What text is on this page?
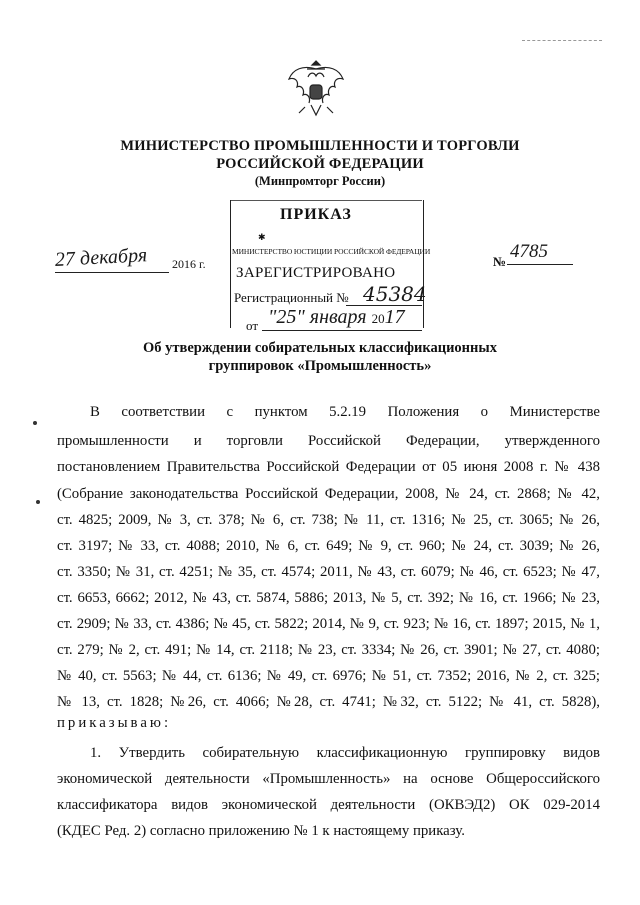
МИНИСТЕРСТВО ПРОМЫШЛЕННОСТИ И ТОРГОВЛИ
РОССИЙСКОЙ ФЕДЕРАЦИИ
(Минпромторг России)
ПРИКАЗ
✱
МИНИСТЕРСТВО ЮСТИЦИИ РОССИЙСКОЙ ФЕДЕРАЦИИ
ЗАРЕГИСТРИРОВАНО
Регистрационный № 45384
от "25" января 2017
27 декабря 2016 г.	№ 4785
Об утверждении собирательных классификационных
группировок «Промышленность»
В соответствии с пунктом 5.2.19 Положения о Министерстве
промышленности и торговли Российской Федерации, утвержденного
постановлением Правительства Российской Федерации от 05 июня 2008 г. № 438
(Собрание законодательства Российской Федерации, 2008, № 24, ст. 2868; № 42,
ст. 4825; 2009, № 3, ст. 378; № 6, ст. 738; № 11, ст. 1316; № 25, ст. 3065; № 26,
ст. 3197; № 33, ст. 4088; 2010, № 6, ст. 649; № 9, ст. 960; № 24, ст. 3039; № 26,
ст. 3350; № 31, ст. 4251; № 35, ст. 4574; 2011, № 43, ст. 6079; № 46, ст. 6523; № 47,
ст. 6653, 6662; 2012, № 43, ст. 5874, 5886; 2013, № 5, ст. 392; № 16, ст. 1966; № 23,
ст. 2909; № 33, ст. 4386; № 45, ст. 5822; 2014, № 9, ст. 923; № 16, ст. 1897; 2015, № 1,
ст. 279; № 2, ст. 491; № 14, ст. 2118; № 23, ст. 3334; № 26, ст. 3901; № 27, ст. 4080;
№ 40, ст. 5563; № 44, ст. 6136; № 49, ст. 6976; № 51, ст. 7352; 2016, № 2, ст. 325;
№ 13, ст. 1828; №26, ст. 4066; №28, ст. 4741; №32, ст. 5122; № 41, ст. 5828),
приказываю:
1. Утвердить собирательную классификационную группировку видов
экономической деятельности «Промышленность» на основе Общероссийского
классификатора видов экономической деятельности (ОКВЭД2) ОК 029-2014
(КДЕС Ред. 2) согласно приложению № 1 к настоящему приказу.
